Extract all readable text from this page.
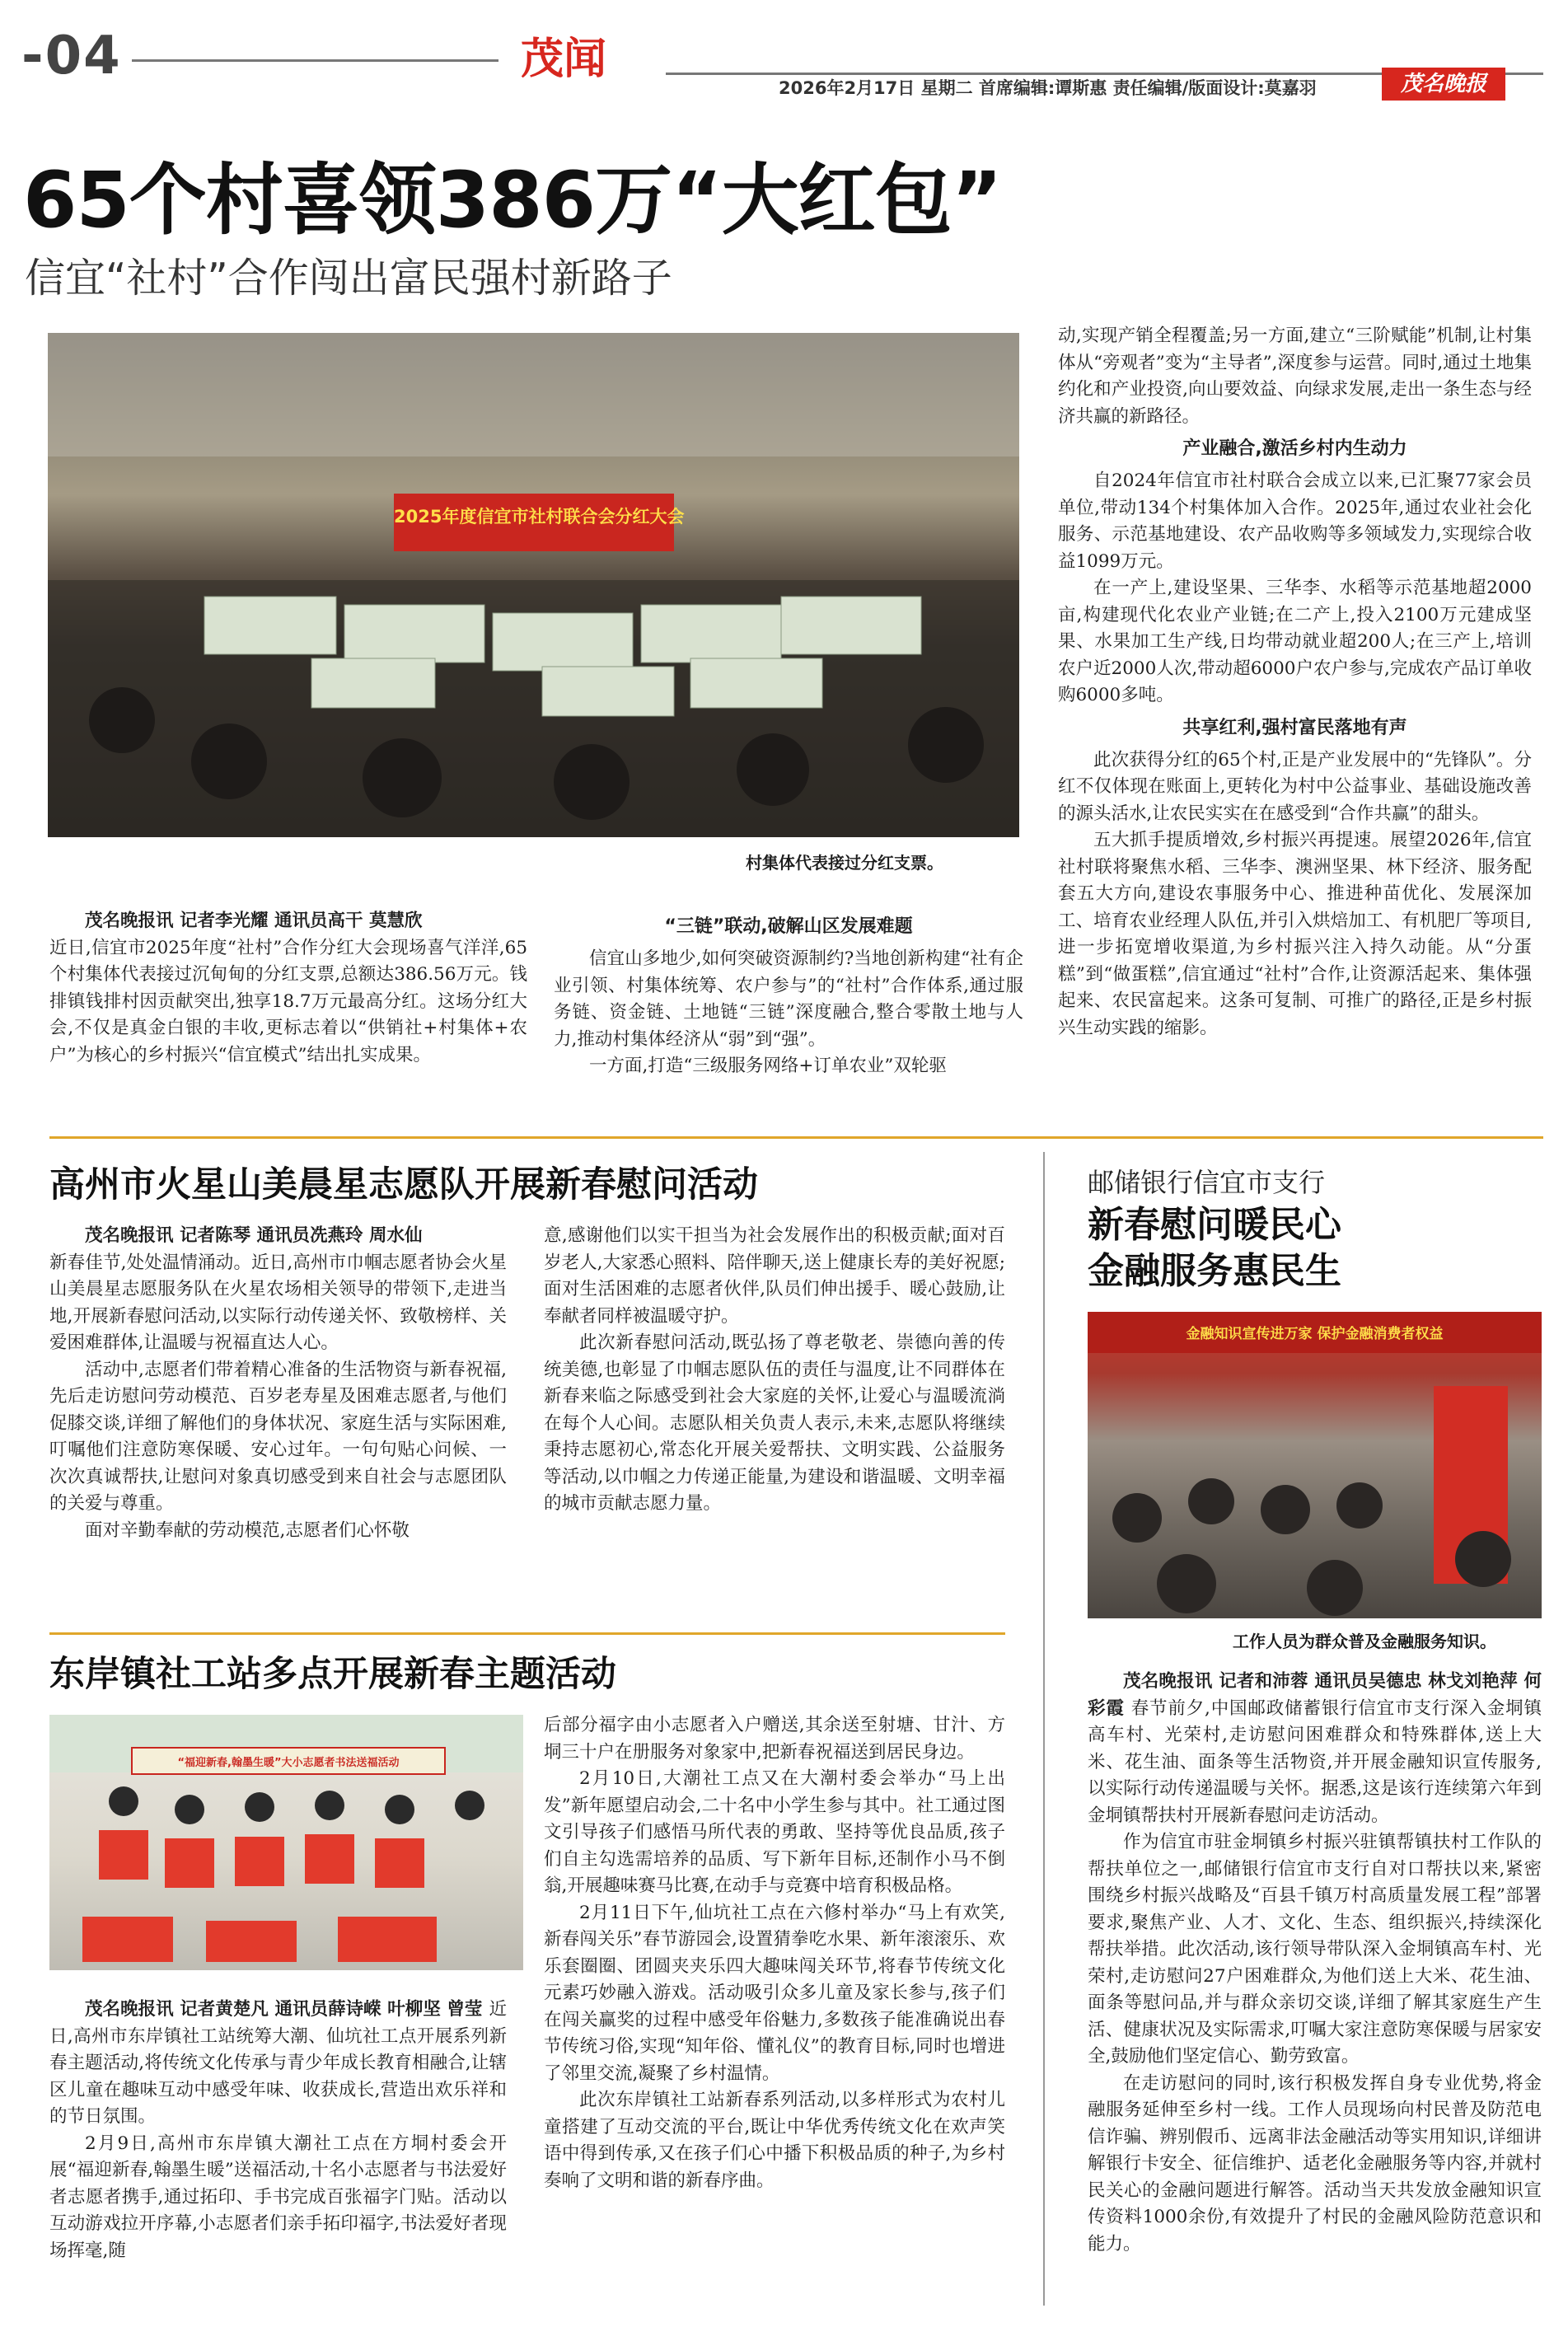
-04	茂闻
2026年2月17日 星期二 首席编辑:谭斯惠 责任编辑/版面设计:莫嘉羽	茂名晚报
65个村喜领386万“大红包”
信宜“社村”合作闯出富民强村新路子
2025年度信宜市社村联合会分红大会
村集体代表接过分红支票。

茂名晚报讯 记者李光耀 通讯员高干 莫慧欣

近日,信宜市2025年度“社村”合作分红大会现场喜气洋洋,65个村集体代表接过沉甸甸的分红支票,总额达386.56万元。钱排镇钱排村因贡献突出,独享18.7万元最高分红。这场分红大会,不仅是真金白银的丰收,更标志着以“供销社+村集体+农户”为核心的乡村振兴“信宜模式”结出扎实成果。

“三链”联动,破解山区发展难题

信宜山多地少,如何突破资源制约?当地创新构建“社有企业引领、村集体统筹、农户参与”的“社村”合作体系,通过服务链、资金链、土地链“三链”深度融合,整合零散土地与人力,推动村集体经济从“弱”到“强”。

一方面,打造“三级服务网络+订单农业”双轮驱

动,实现产销全程覆盖;另一方面,建立“三阶赋能”机制,让村集体从“旁观者”变为“主导者”,深度参与运营。同时,通过土地集约化和产业投资,向山要效益、向绿求发展,走出一条生态与经济共赢的新路径。

产业融合,激活乡村内生动力

自2024年信宜市社村联合会成立以来,已汇聚77家会员单位,带动134个村集体加入合作。2025年,通过农业社会化服务、示范基地建设、农产品收购等多领域发力,实现综合收益1099万元。

在一产上,建设坚果、三华李、水稻等示范基地超2000亩,构建现代化农业产业链;在二产上,投入2100万元建成坚果、水果加工生产线,日均带动就业超200人;在三产上,培训农户近2000人次,带动超6000户农户参与,完成农产品订单收购6000多吨。

共享红利,强村富民落地有声

此次获得分红的65个村,正是产业发展中的“先锋队”。分红不仅体现在账面上,更转化为村中公益事业、基础设施改善的源头活水,让农民实实在在感受到“合作共赢”的甜头。

五大抓手提质增效,乡村振兴再提速。展望2026年,信宜社村联将聚焦水稻、三华李、澳洲坚果、林下经济、服务配套五大方向,建设农事服务中心、推进种苗优化、发展深加工、培育农业经理人队伍,并引入烘焙加工、有机肥厂等项目,进一步拓宽增收渠道,为乡村振兴注入持久动能。从“分蛋糕”到“做蛋糕”,信宜通过“社村”合作,让资源活起来、集体强起来、农民富起来。这条可复制、可推广的路径,正是乡村振兴生动实践的缩影。

高州市火星山美晨星志愿队开展新春慰问活动

茂名晚报讯 记者陈琴 通讯员冼燕玲 周水仙

新春佳节,处处温情涌动。近日,高州市巾帼志愿者协会火星山美晨星志愿服务队在火星农场相关领导的带领下,走进当地,开展新春慰问活动,以实际行动传递关怀、致敬榜样、关爱困难群体,让温暖与祝福直达人心。

活动中,志愿者们带着精心准备的生活物资与新春祝福,先后走访慰问劳动模范、百岁老寿星及困难志愿者,与他们促膝交谈,详细了解他们的身体状况、家庭生活与实际困难,叮嘱他们注意防寒保暖、安心过年。一句句贴心问候、一次次真诚帮扶,让慰问对象真切感受到来自社会与志愿团队的关爱与尊重。

面对辛勤奉献的劳动模范,志愿者们心怀敬

意,感谢他们以实干担当为社会发展作出的积极贡献;面对百岁老人,大家悉心照料、陪伴聊天,送上健康长寿的美好祝愿;面对生活困难的志愿者伙伴,队员们伸出援手、暖心鼓励,让奉献者同样被温暖守护。

此次新春慰问活动,既弘扬了尊老敬老、崇德向善的传统美德,也彰显了巾帼志愿队伍的责任与温度,让不同群体在新春来临之际感受到社会大家庭的关怀,让爱心与温暖流淌在每个人心间。志愿队相关负责人表示,未来,志愿队将继续秉持志愿初心,常态化开展关爱帮扶、文明实践、公益服务等活动,以巾帼之力传递正能量,为建设和谐温暖、文明幸福的城市贡献志愿力量。

东岸镇社工站多点开展新春主题活动
“福迎新春,翰墨生暖”大小志愿者书法送福活动

茂名晚报讯 记者黄楚凡 通讯员薛诗嵘 叶柳坚 曾莹 近日,高州市东岸镇社工站统筹大潮、仙坑社工点开展系列新春主题活动,将传统文化传承与青少年成长教育相融合,让辖区儿童在趣味互动中感受年味、收获成长,营造出欢乐祥和的节日氛围。

2月9日,高州市东岸镇大潮社工点在方垌村委会开展“福迎新春,翰墨生暖”送福活动,十名小志愿者与书法爱好者志愿者携手,通过拓印、手书完成百张福字门贴。活动以互动游戏拉开序幕,小志愿者们亲手拓印福字,书法爱好者现场挥毫,随

后部分福字由小志愿者入户赠送,其余送至射塘、甘汁、方垌三十户在册服务对象家中,把新春祝福送到居民身边。

2月10日,大潮社工点又在大潮村委会举办“马上出发”新年愿望启动会,二十名中小学生参与其中。社工通过图文引导孩子们感悟马所代表的勇敢、坚持等优良品质,孩子们自主勾选需培养的品质、写下新年目标,还制作小马不倒翁,开展趣味赛马比赛,在动手与竞赛中培育积极品格。

2月11日下午,仙坑社工点在六修村举办“马上有欢笑,新春闯关乐”春节游园会,设置猜拳吃水果、新年滚滚乐、欢乐套圈圈、团圆夹夹乐四大趣味闯关环节,将春节传统文化元素巧妙融入游戏。活动吸引众多儿童及家长参与,孩子们在闯关赢奖的过程中感受年俗魅力,多数孩子能准确说出春节传统习俗,实现“知年俗、懂礼仪”的教育目标,同时也增进了邻里交流,凝聚了乡村温情。

此次东岸镇社工站新春系列活动,以多样形式为农村儿童搭建了互动交流的平台,既让中华优秀传统文化在欢声笑语中得到传承,又在孩子们心中播下积极品质的种子,为乡村奏响了文明和谐的新春序曲。

邮储银行信宜市支行
新春慰问暖民心
金融服务惠民生
金融知识宣传进万家 保护金融消费者权益
工作人员为群众普及金融服务知识。

茂名晚报讯 记者和沛蓉 通讯员吴德忠 林戈刘艳萍 何彩霞 春节前夕,中国邮政储蓄银行信宜市支行深入金垌镇高车村、光荣村,走访慰问困难群众和特殊群体,送上大米、花生油、面条等生活物资,并开展金融知识宣传服务,以实际行动传递温暖与关怀。据悉,这是该行连续第六年到金垌镇帮扶村开展新春慰问走访活动。

作为信宜市驻金垌镇乡村振兴驻镇帮镇扶村工作队的帮扶单位之一,邮储银行信宜市支行自对口帮扶以来,紧密围绕乡村振兴战略及“百县千镇万村高质量发展工程”部署要求,聚焦产业、人才、文化、生态、组织振兴,持续深化帮扶举措。此次活动,该行领导带队深入金垌镇高车村、光荣村,走访慰问27户困难群众,为他们送上大米、花生油、面条等慰问品,并与群众亲切交谈,详细了解其家庭生产生活、健康状况及实际需求,叮嘱大家注意防寒保暖与居家安全,鼓励他们坚定信心、勤劳致富。

在走访慰问的同时,该行积极发挥自身专业优势,将金融服务延伸至乡村一线。工作人员现场向村民普及防范电信诈骗、辨别假币、远离非法金融活动等实用知识,详细讲解银行卡安全、征信维护、适老化金融服务等内容,并就村民关心的金融问题进行解答。活动当天共发放金融知识宣传资料1000余份,有效提升了村民的金融风险防范意识和能力。
